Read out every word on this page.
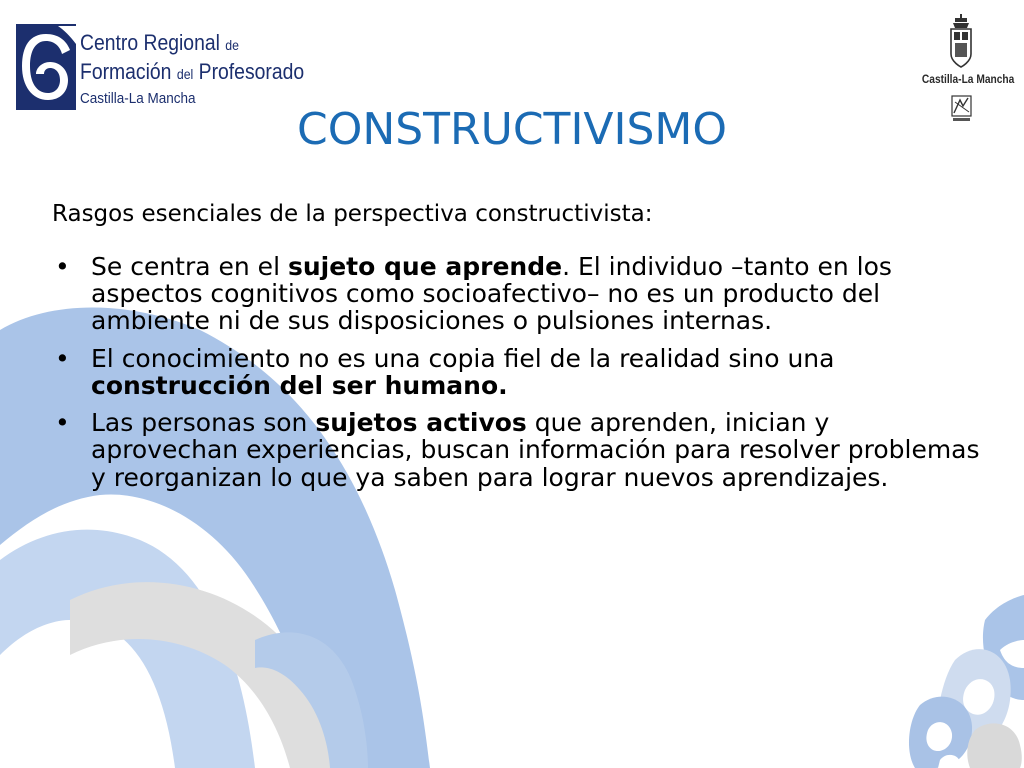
Centro Regional de
Formación del Profesorado
Castilla-La Mancha
Castilla-La Mancha
CONSTRUCTIVISMO

Rasgos esenciales de la perspectiva constructivista:

• Se centra en el sujeto que aprende. El individuo –tanto en los aspectos cognitivos como socioafectivo– no es un producto del ambiente ni de sus disposiciones o pulsiones internas.
• El conocimiento no es una copia fiel de la realidad sino una construcción del ser humano.
• Las personas son sujetos activos que aprenden, inician y aprovechan experiencias, buscan información para resolver problemas y reorganizan lo que ya saben para lograr nuevos aprendizajes.
